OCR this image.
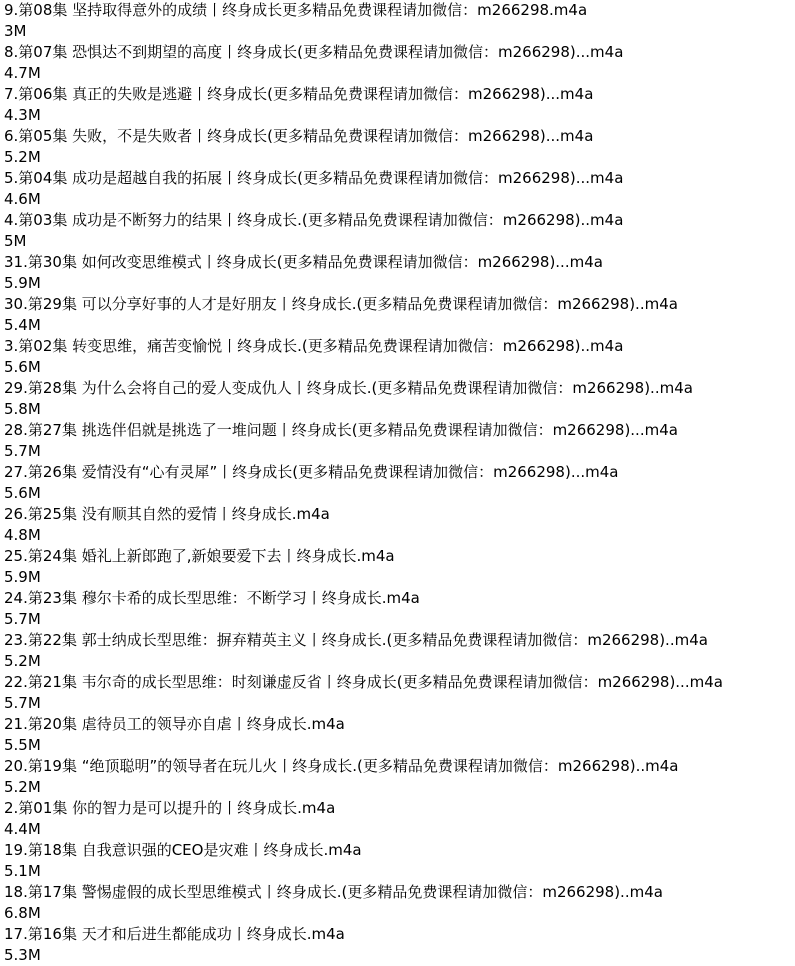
9.第08集 坚持取得意外的成绩丨终身成长更多精品免费课程请加微信：m266298.m4a
3M
8.第07集 恐惧达不到期望的高度丨终身成长(更多精品免费课程请加微信：m266298)...m4a
4.7M
7.第06集 真正的失败是逃避丨终身成长(更多精品免费课程请加微信：m266298)...m4a
4.3M
6.第05集 失败，不是失败者丨终身成长(更多精品免费课程请加微信：m266298)...m4a
5.2M
5.第04集 成功是超越自我的拓展丨终身成长(更多精品免费课程请加微信：m266298)...m4a
4.6M
4.第03集 成功是不断努力的结果丨终身成长.(更多精品免费课程请加微信：m266298)..m4a
5M
31.第30集 如何改变思维模式丨终身成长(更多精品免费课程请加微信：m266298)...m4a
5.9M
30.第29集 可以分享好事的人才是好朋友丨终身成长.(更多精品免费课程请加微信：m266298)..m4a
5.4M
3.第02集 转变思维，痛苦变愉悦丨终身成长.(更多精品免费课程请加微信：m266298)..m4a
5.6M
29.第28集 为什么会将自己的爱人变成仇人丨终身成长.(更多精品免费课程请加微信：m266298)..m4a
5.8M
28.第27集 挑选伴侣就是挑选了一堆问题丨终身成长(更多精品免费课程请加微信：m266298)...m4a
5.7M
27.第26集 爱情没有“心有灵犀”丨终身成长(更多精品免费课程请加微信：m266298)...m4a
5.6M
26.第25集 没有顺其自然的爱情丨终身成长.m4a
4.8M
25.第24集 婚礼上新郎跑了,新娘要爱下去丨终身成长.m4a
5.9M
24.第23集 穆尔卡希的成长型思维：不断学习丨终身成长.m4a
5.7M
23.第22集 郭士纳成长型思维：摒弃精英主义丨终身成长.(更多精品免费课程请加微信：m266298)..m4a
5.2M
22.第21集 韦尔奇的成长型思维：时刻谦虚反省丨终身成长(更多精品免费课程请加微信：m266298)...m4a
5.7M
21.第20集 虐待员工的领导亦自虐丨终身成长.m4a
5.5M
20.第19集 “绝顶聪明”的领导者在玩儿火丨终身成长.(更多精品免费课程请加微信：m266298)..m4a
5.2M
2.第01集 你的智力是可以提升的丨终身成长.m4a
4.4M
19.第18集 自我意识强的CEO是灾难丨终身成长.m4a
5.1M
18.第17集 警惕虚假的成长型思维模式丨终身成长.(更多精品免费课程请加微信：m266298)..m4a
6.8M
17.第16集 天才和后进生都能成功丨终身成长.m4a
5.3M
